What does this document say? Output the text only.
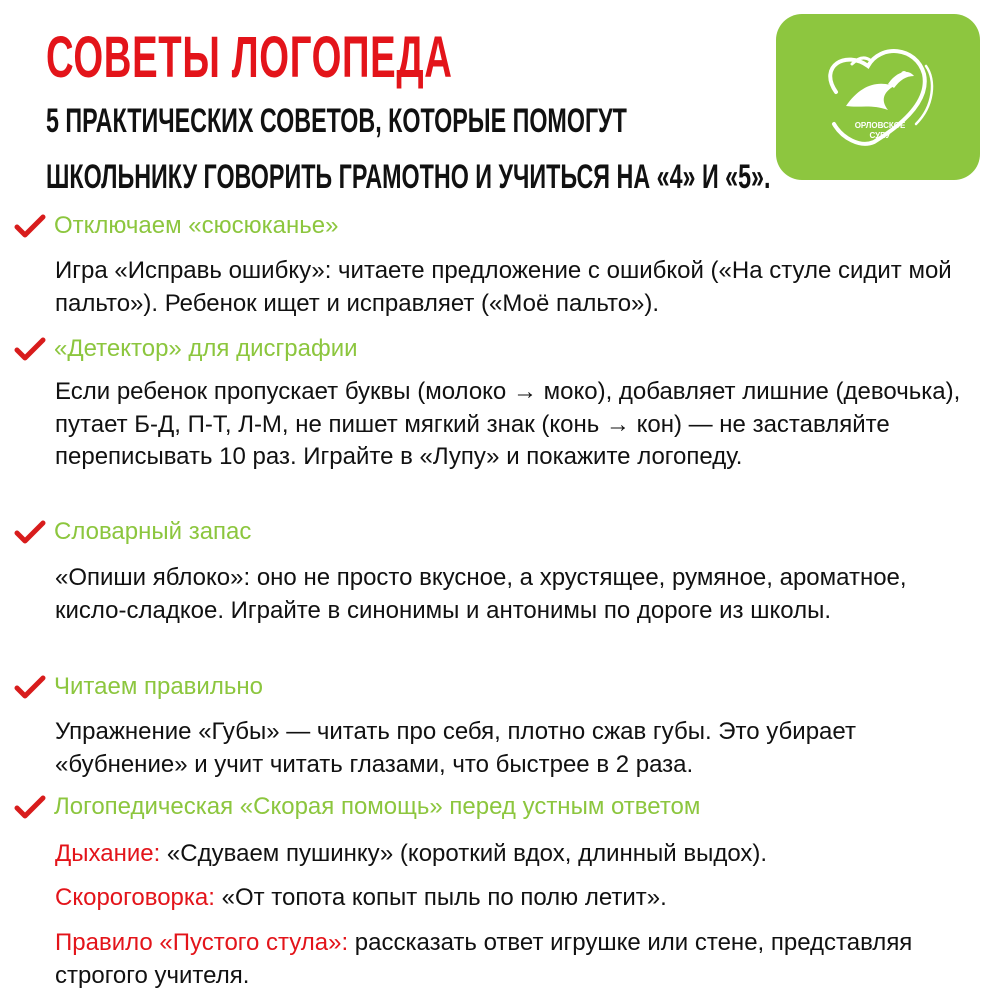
СОВЕТЫ ЛОГОПЕДА

5 ПРАКТИЧЕСКИХ СОВЕТОВ, КОТОРЫЕ ПОМОГУТ

ШКОЛЬНИКУ ГОВОРИТЬ ГРАМОТНО И УЧИТЬСЯ НА «4» И «5».

ОРЛОВСКОЕ
СУВУ
Отключаем «сюсюканье»

Игра «Исправь ошибку»: читаете предложение с ошибкой («На стуле сидит мой пальто»). Ребенок ищет и исправляет («Моё пальто»).

«Детектор» для дисграфии

Если ребенок пропускает буквы (молоко → моко), добавляет лишние (девочька), путает Б-Д, П-Т, Л-М, не пишет мягкий знак (конь → кон) — не заставляйте переписывать 10 раз. Играйте в «Лупу» и покажите логопеду.

Словарный запас

«Опиши яблоко»: оно не просто вкусное, а хрустящее, румяное, ароматное, кисло-сладкое. Играйте в синонимы и антонимы по дороге из школы.

Читаем правильно

Упражнение «Губы» — читать про себя, плотно сжав губы. Это убирает «бубнение» и учит читать глазами, что быстрее в 2 раза.

Логопедическая «Скорая помощь» перед устным ответом

Дыхание: «Сдуваем пушинку» (короткий вдох, длинный выдох).

Скороговорка: «От топота копыт пыль по полю летит».

Правило «Пустого стула»: рассказать ответ игрушке или стене, представляя строгого учителя.
